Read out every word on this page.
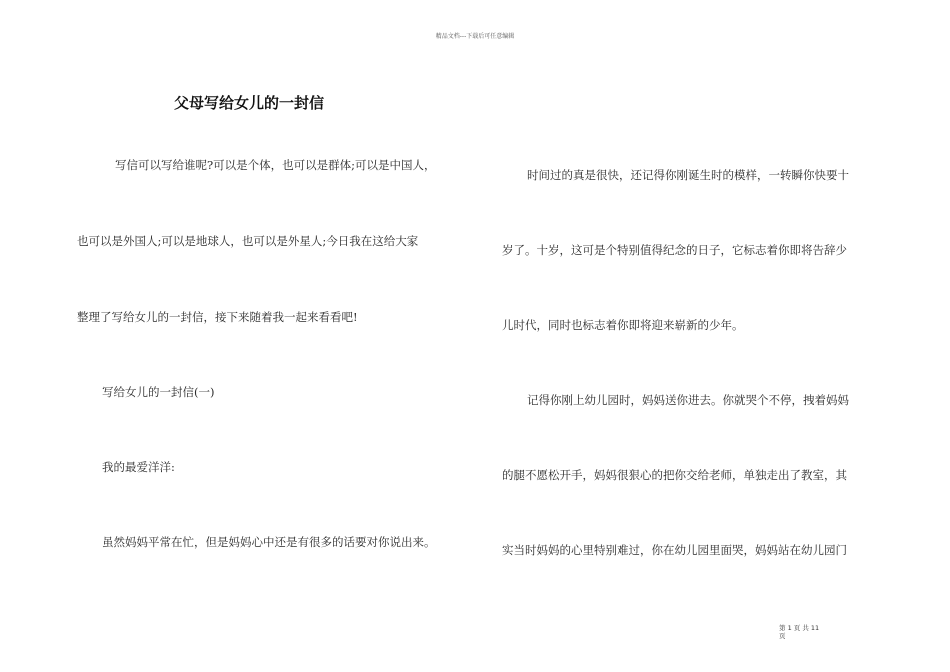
精品文档---下载后可任意编辑
父母写给女儿的一封信

写信可以写给谁呢?可以是个体，也可以是群体;可以是中国人，

也可以是外国人;可以是地球人，也可以是外星人;今日我在这给大家

整理了写给女儿的一封信，接下来随着我一起来看看吧!

写给女儿的一封信(一)

我的最爱洋洋:

虽然妈妈平常在忙，但是妈妈心中还是有很多的话要对你说出来。

时间过的真是很快，还记得你刚诞生时的模样，一转瞬你快要十

岁了。十岁，这可是个特别值得纪念的日子，它标志着你即将告辞少

儿时代，同时也标志着你即将迎来崭新的少年。

记得你刚上幼儿园时，妈妈送你进去。你就哭个不停，拽着妈妈

的腿不愿松开手，妈妈很狠心的把你交给老师，单独走出了教室，其

实当时妈妈的心里特别难过，你在幼儿园里面哭，妈妈站在幼儿园门

第 1 页 共 11
页
